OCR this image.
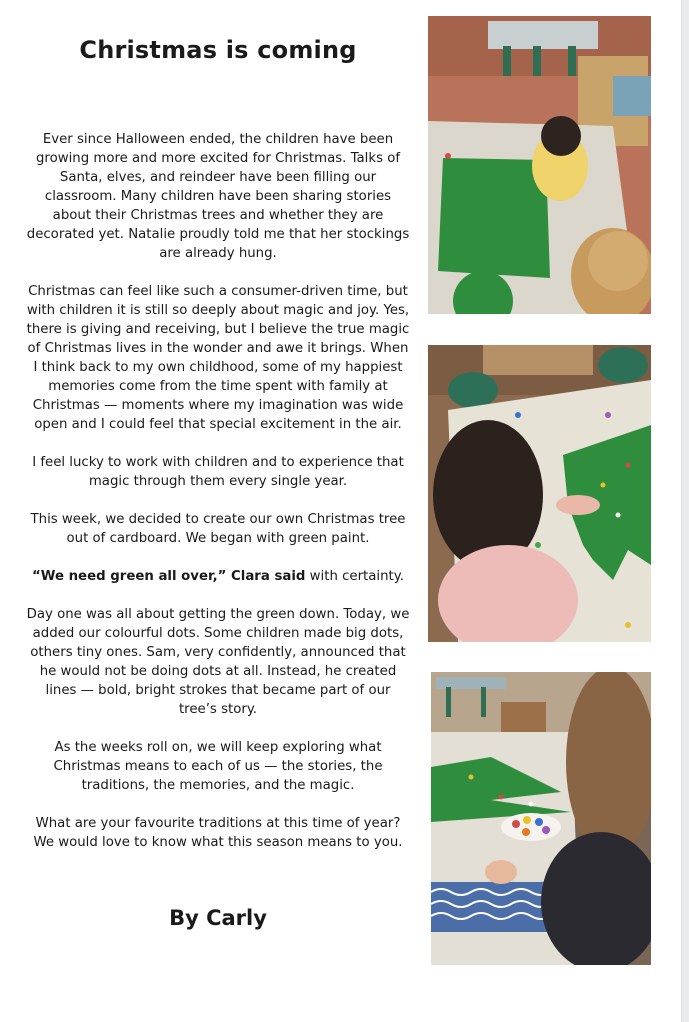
Christmas is coming

Ever since Halloween ended, the children have been growing more and more excited for Christmas. Talks of Santa, elves, and reindeer have been filling our classroom. Many children have been sharing stories about their Christmas trees and whether they are decorated yet. Natalie proudly told me that her stockings are already hung.

Christmas can feel like such a consumer-driven time, but with children it is still so deeply about magic and joy. Yes, there is giving and receiving, but I believe the true magic of Christmas lives in the wonder and awe it brings. When I think back to my own childhood, some of my happiest memories come from the time spent with family at Christmas — moments where my imagination was wide open and I could feel that special excitement in the air.

I feel lucky to work with children and to experience that magic through them every single year.

This week, we decided to create our own Christmas tree out of cardboard. We began with green paint.

“We need green all over,” Clara said with certainty.

Day one was all about getting the green down. Today, we added our colourful dots. Some children made big dots, others tiny ones. Sam, very confidently, announced that he would not be doing dots at all. Instead, he created lines — bold, bright strokes that became part of our tree’s story.

As the weeks roll on, we will keep exploring what Christmas means to each of us — the stories, the traditions, the memories, and the magic.

What are your favourite traditions at this time of year? We would love to know what this season means to you.

By Carly
